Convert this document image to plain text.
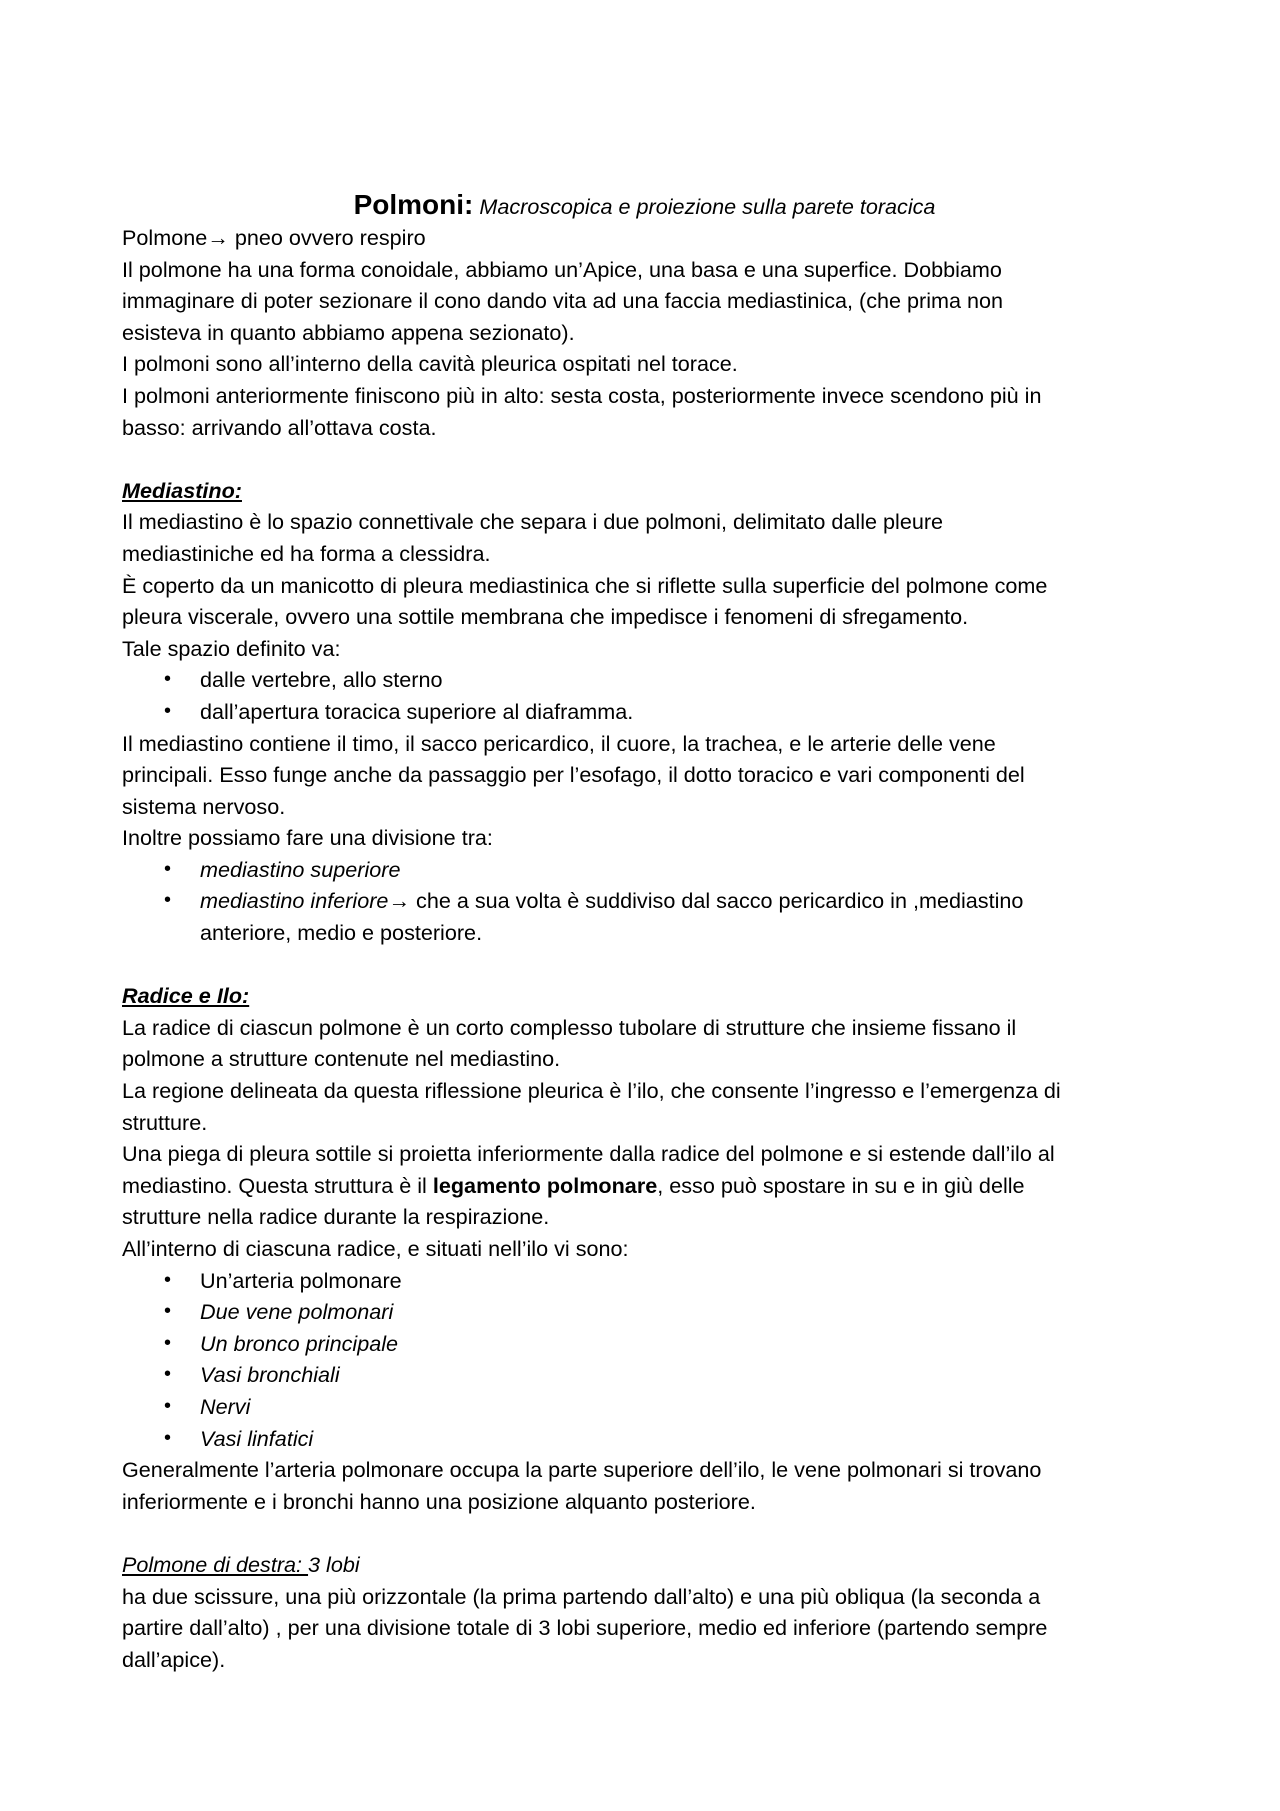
Polmoni: Macroscopica e proiezione sulla parete toracica
Polmone→ pneo ovvero respiro
Il polmone ha una forma conoidale, abbiamo un’Apice, una basa e una superfice. Dobbiamo
immaginare di poter sezionare il cono dando vita ad una faccia mediastinica, (che prima non
esisteva in quanto abbiamo appena sezionato).
I polmoni sono all’interno della cavità pleurica ospitati nel torace.
I polmoni anteriormente finiscono più in alto: sesta costa, posteriormente invece scendono più in
basso: arrivando all’ottava costa.
Mediastino:
Il mediastino è lo spazio connettivale che separa i due polmoni, delimitato dalle pleure
mediastiniche ed ha forma a clessidra.
È coperto da un manicotto di pleura mediastinica che si riflette sulla superficie del polmone come
pleura viscerale, ovvero una sottile membrana che impedisce i fenomeni di sfregamento.
Tale spazio definito va:
• dalle vertebre, allo sterno
• dall’apertura toracica superiore al diaframma.
Il mediastino contiene il timo, il sacco pericardico, il cuore, la trachea, e le arterie delle vene
principali. Esso funge anche da passaggio per l’esofago, il dotto toracico e vari componenti del
sistema nervoso.
Inoltre possiamo fare una divisione tra:
• mediastino superiore
• mediastino inferiore→ che a sua volta è suddiviso dal sacco pericardico in ,mediastino
anteriore, medio e posteriore.
Radice e Ilo:
La radice di ciascun polmone è un corto complesso tubolare di strutture che insieme fissano il
polmone a strutture contenute nel mediastino.
La regione delineata da questa riflessione pleurica è l’ilo, che consente l’ingresso e l’emergenza di
strutture.
Una piega di pleura sottile si proietta inferiormente dalla radice del polmone e si estende dall’ilo al
mediastino. Questa struttura è il legamento polmonare, esso può spostare in su e in giù delle
strutture nella radice durante la respirazione.
All’interno di ciascuna radice, e situati nell’ilo vi sono:
• Un’arteria polmonare
• Due vene polmonari
• Un bronco principale
• Vasi bronchiali
• Nervi
• Vasi linfatici
Generalmente l’arteria polmonare occupa la parte superiore dell’ilo, le vene polmonari si trovano
inferiormente e i bronchi hanno una posizione alquanto posteriore.
Polmone di destra: 3 lobi
ha due scissure, una più orizzontale (la prima partendo dall’alto) e una più obliqua (la seconda a
partire dall’alto) , per una divisione totale di 3 lobi superiore, medio ed inferiore (partendo sempre
dall’apice).
